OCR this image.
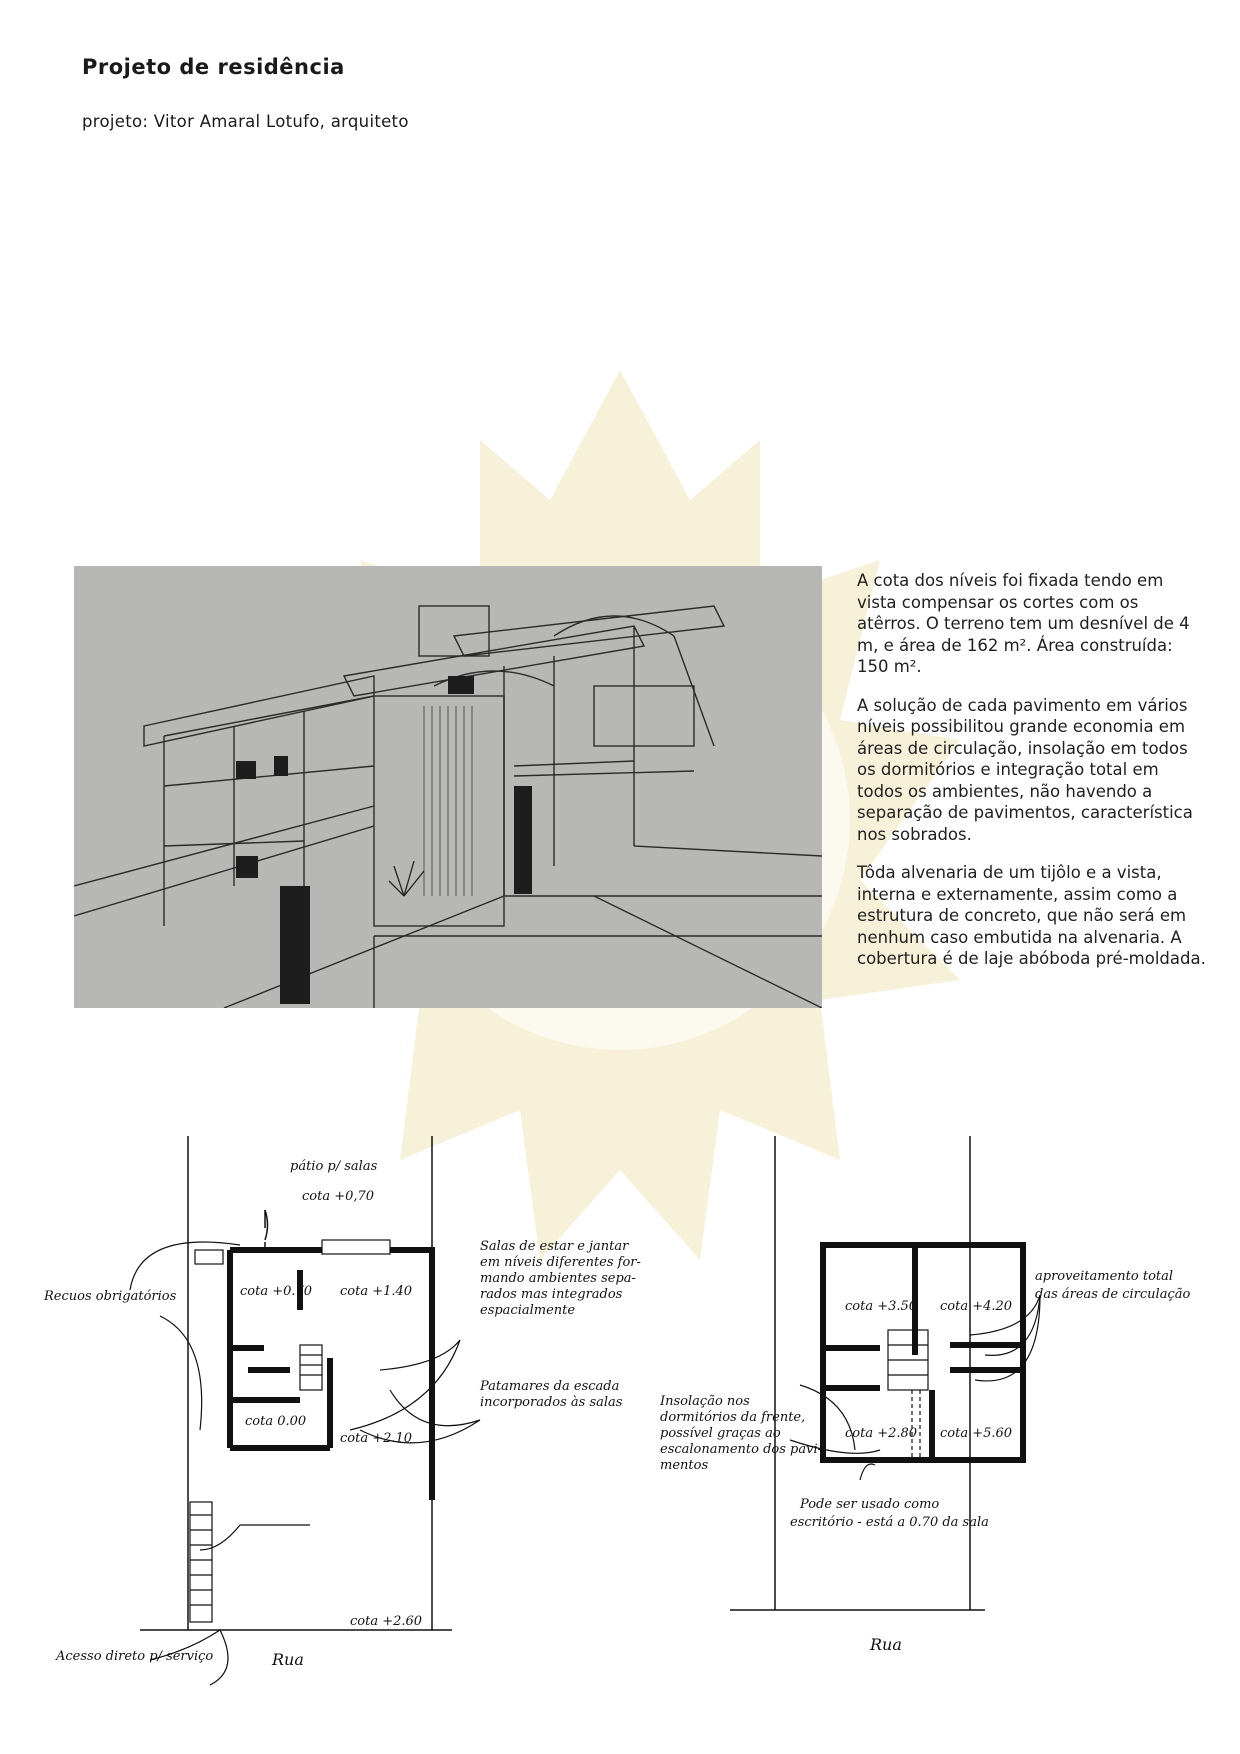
Projeto de residência

projeto: Vitor Amaral Lotufo, arquiteto

A cota dos níveis foi fixada tendo em vista compensar os cortes com os atêrros. O terreno tem um desnível de 4 m, e área de 162 m². Área construída: 150 m².

A solução de cada pavimento em vários níveis possibilitou grande economia em áreas de circulação, insolação em todos os dormitórios e integração total em todos os ambientes, não havendo a separação de pavimentos, característica nos sobrados.

Tôda alvenaria de um tijôlo e a vista, interna e externamente, assim como a estrutura de concreto, que não será em nenhum caso embutida na alvenaria. A cobertura é de laje abóboda pré-moldada.

pátio p/ salas
cota +0,70
Recuos obrigatórios
Salas de estar e jantar
em níveis diferentes for-
mando ambientes sepa-
rados mas integrados
espacialmente
cota +0.70 cota +1.40
cota 0.00
cota +2.10
Patamares da escada
incorporados às salas
cota +2.60
Rua
Acesso direto p/ serviço
cota +3.50 cota +4.20
cota +2.80 cota +5.60
aproveitamento total
das áreas de circulação
Insolação nos
dormitórios da frente,
possível graças ao
escalonamento dos pavi-
mentos
Pode ser usado como
escritório - está a 0.70 da sala
Rua
